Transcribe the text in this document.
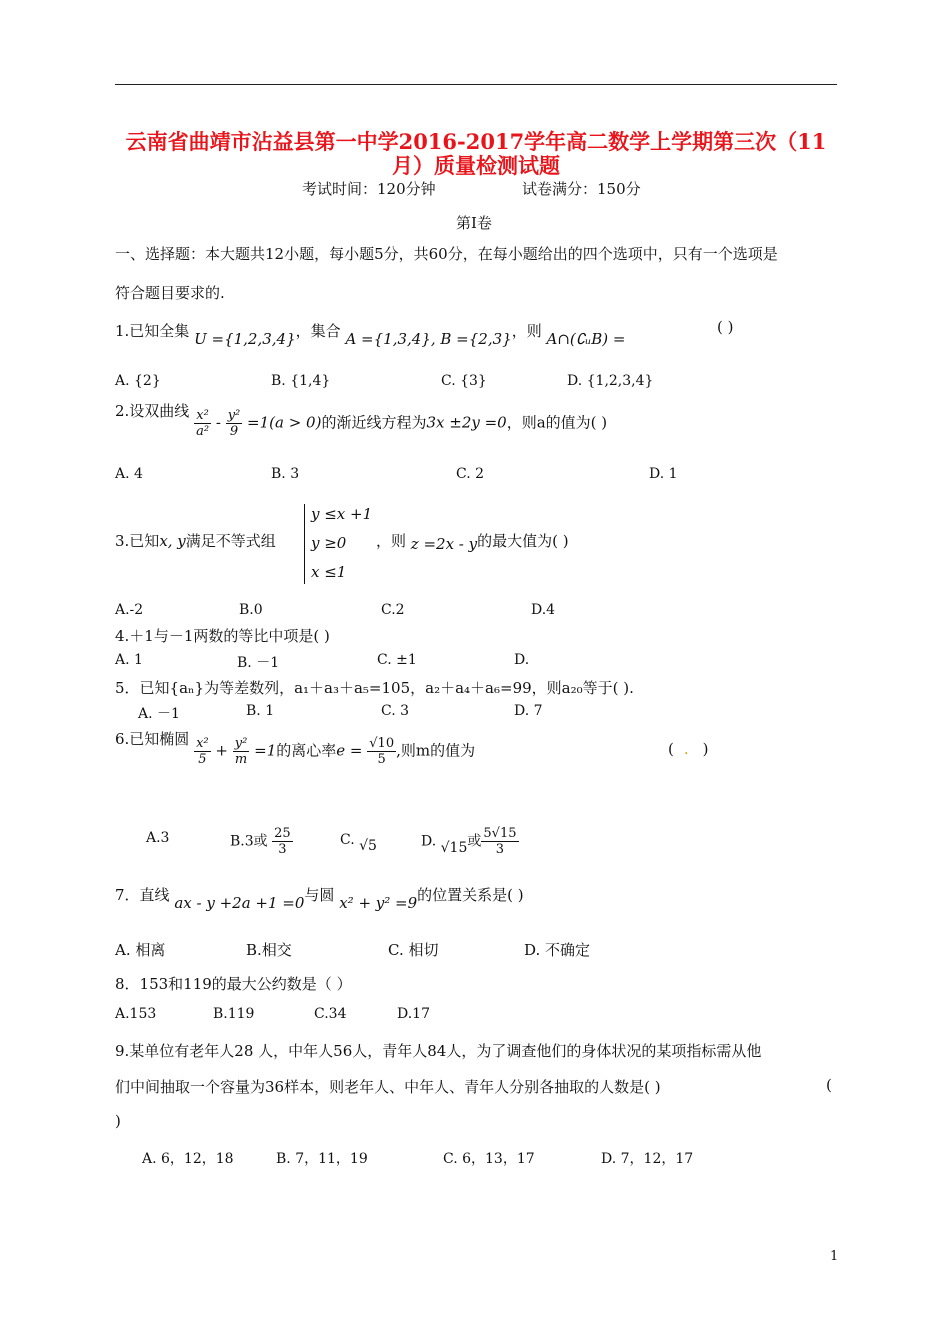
云南省曲靖市沾益县第一中学2016-2017学年高二数学上学期第三次（11
月）质量检测试题
考试时间：120分钟	试卷满分：150分
第Ⅰ卷
一、选择题：本大题共12小题，每小题5分，共60分，在每小题给出的四个选项中，只有一个选项是
符合题目要求的.
1.已知全集 U ={1,2,3,4}，集合 A ={1,3,4}, B ={2,3}，则 A∩(∁ᵤB) =
( )
A. {2}	B. {1,4}	C. {3}	D. {1,2,3,4}
2.设双曲线 $\frac{\text{x²}}{\text{a²}} - \frac{\text{y²}}{9} =1(a > 0)$的渐近线方程为3x ±2y =0，则a的值为( )
A. 4	B. 3	C. 2	D. 1
3.已知x, y满足不等式组
y ≤x +1
y ≥0
x ≤1
，则 z =2x - y的最大值为( )
A.-2	B.0	C.2	D.4
4.＋1与－1两数的等比中项是( )
A. 1	B. －1	C. ±1	D.
5．已知{aₙ}为等差数列，a₁＋a₃＋a₅=105，a₂＋a₄＋a₆=99，则a₂₀等于( ).
A. －1	B. 1	C. 3	D. 7
6.已知椭圆 $\frac{\text{x²}}{5} + \frac{\text{y²}}{m} =1$的离心率$e = \frac{√10}{5}$ ,则m的值为	( . )
A.3	B.3或 $\frac{25}{3}$	C. √5	D. √15或 $\frac{5√15}{3}$
7．直线 ax - y +2a +1 =0与圆 x² + y² =9的位置关系是( )
A. 相离	B.相交	C. 相切	D. 不确定
8．153和119的最大公约数是（ ）
A.153	B.119	C.34	D.17
9.某单位有老年人28 人，中年人56人，青年人84人，为了调查他们的身体状况的某项指标需从他
们中间抽取一个容量为36样本，则老年人、中年人、青年人分别各抽取的人数是( )	(
)
A. 6，12，18	B. 7，11，19	C. 6，13，17	D. 7，12，17
1
